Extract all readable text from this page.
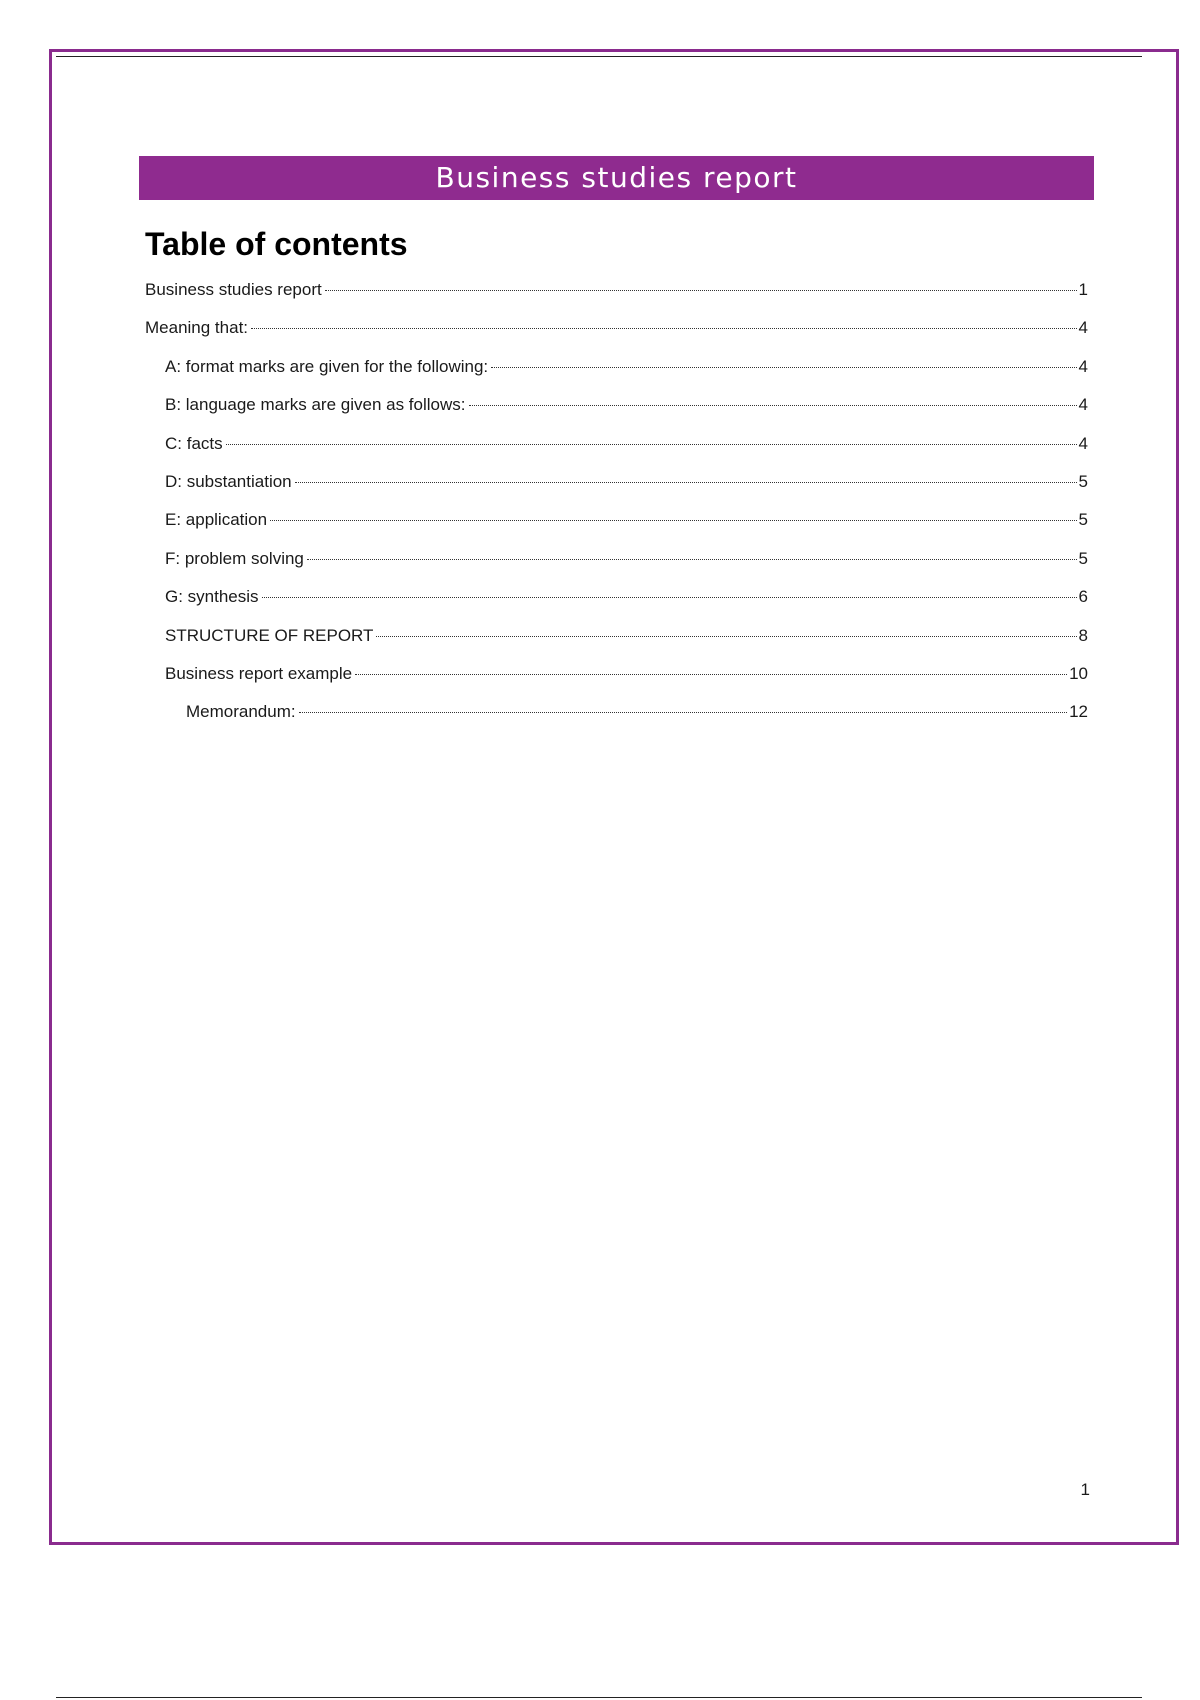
Business studies report
Table of contents
Business studies report	1
Meaning that:	4
A: format marks are given for the following:	4
B: language marks are given as follows:	4
C: facts	4
D: substantiation	5
E: application	5
F: problem solving	5
G: synthesis	6
STRUCTURE OF REPORT	8
Business report example	10
Memorandum:	12
1
